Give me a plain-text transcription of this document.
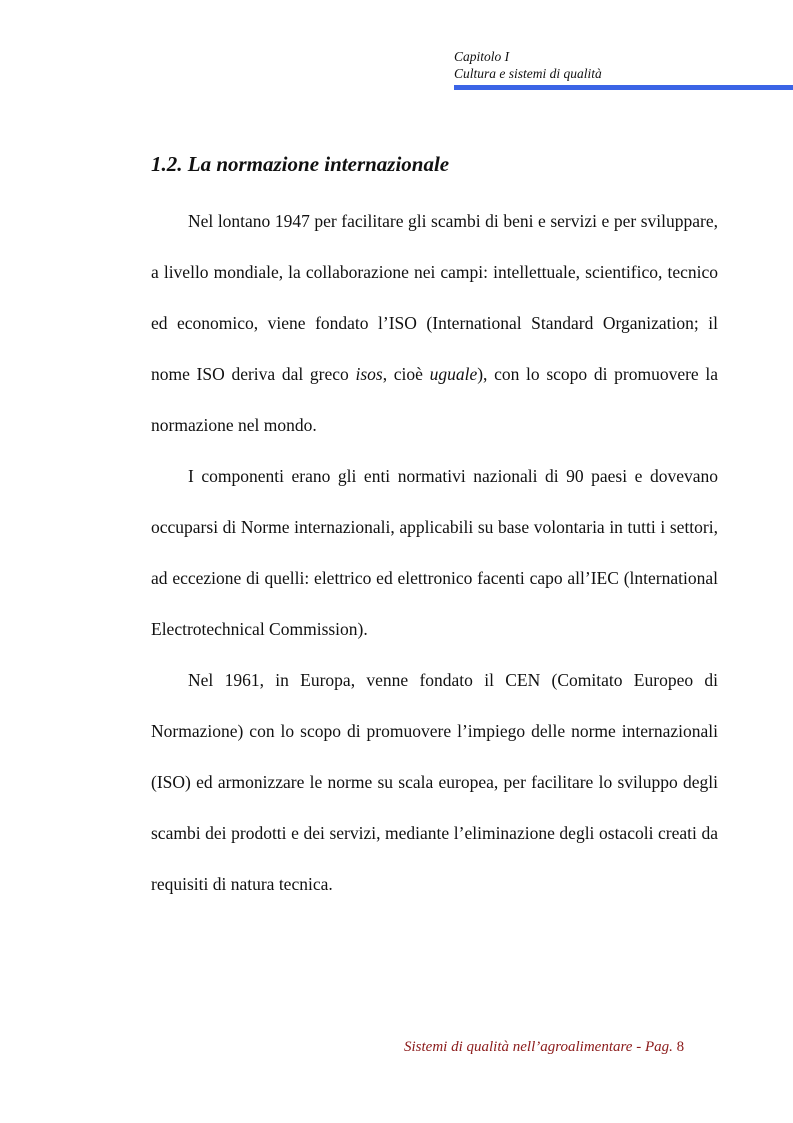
Capitolo I
Cultura e sistemi di qualità
1.2. La normazione internazionale

Nel lontano 1947 per facilitare gli scambi di beni e servizi e per sviluppare, a livello mondiale, la collaborazione nei campi: intellettuale, scientifico, tecnico ed economico, viene fondato l’ISO (International Standard Organization; il nome ISO deriva dal greco isos, cioè uguale), con lo scopo di promuovere la normazione nel mondo.

I componenti erano gli enti normativi nazionali di 90 paesi e dovevano occuparsi di Norme internazionali, applicabili su base volontaria in tutti i settori, ad eccezione di quelli: elettrico ed elettronico facenti capo all’IEC (lnternational Electrotechnical Commission).

Nel 1961, in Europa, venne fondato il CEN (Comitato Europeo di Normazione) con lo scopo di promuovere l’impiego delle norme internazionali (ISO) ed armonizzare le norme su scala europea, per facilitare lo sviluppo degli scambi dei prodotti e dei servizi, mediante l’eliminazione degli ostacoli creati da requisiti di natura tecnica.

Sistemi di qualità nell’agroalimentare - Pag. 8
